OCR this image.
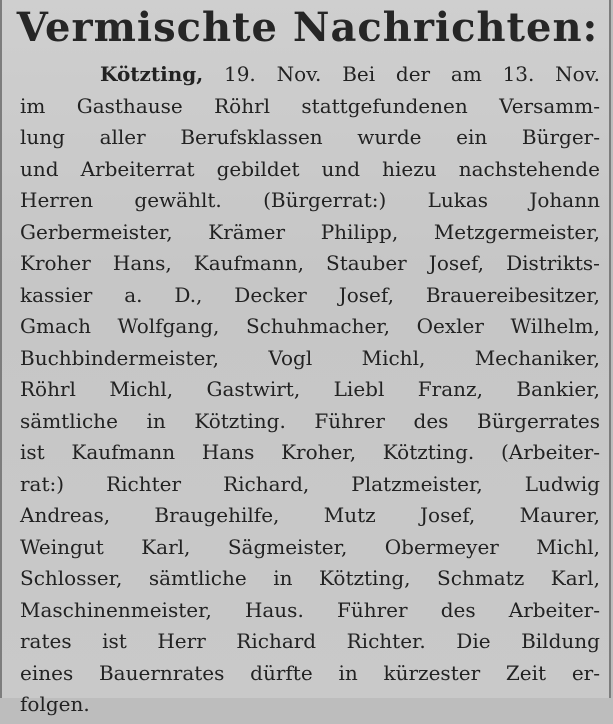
Vermischte Nachrichten:
Kötzting, 19. Nov. Bei der am 13. Nov.
im Gasthause Röhrl stattgefundenen Versamm-
lung aller Berufsklassen wurde ein Bürger-
und Arbeiterrat gebildet und hiezu nachstehende
Herren gewählt. (Bürgerrat:) Lukas Johann
Gerbermeister, Krämer Philipp, Metzgermeister,
Kroher Hans, Kaufmann, Stauber Josef, Distrikts-
kassier a. D., Decker Josef, Brauereibesitzer,
Gmach Wolfgang, Schuhmacher, Oexler Wilhelm,
Buchbindermeister, Vogl Michl, Mechaniker,
Röhrl Michl, Gastwirt, Liebl Franz, Bankier,
sämtliche in Kötzting. Führer des Bürgerrates
ist Kaufmann Hans Kroher, Kötzting. (Arbeiter-
rat:) Richter Richard, Platzmeister, Ludwig
Andreas, Braugehilfe, Mutz Josef, Maurer,
Weingut Karl, Sägmeister, Obermeyer Michl,
Schlosser, sämtliche in Kötzting, Schmatz Karl,
Maschinenmeister, Haus. Führer des Arbeiter-
rates ist Herr Richard Richter. Die Bildung
eines Bauernrates dürfte in kürzester Zeit er-
folgen.
